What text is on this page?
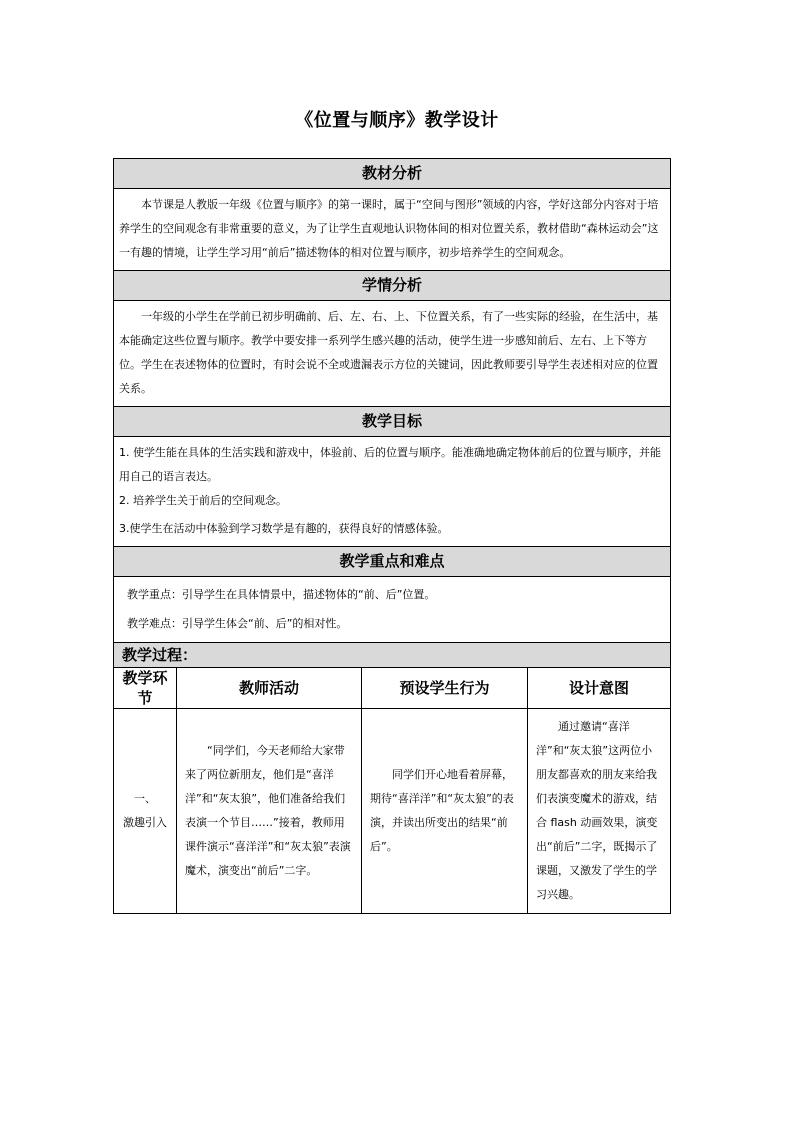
《位置与顺序》教学设计
教材分析			

本节课是人教版一年级《位置与顺序》的第一课时，属于“空间与图形”领域的内容，学好这部分内容对于培养学生的空间观念有非常重要的意义，为了让学生直观地认识物体间的相对位置关系，教材借助“森林运动会”这一有趣的情境，让学生学习用“前后”描述物体的相对位置与顺序，初步培养学生的空间观念。			

学情分析			

一年级的小学生在学前已初步明确前、后、左、右、上、下位置关系，有了一些实际的经验，在生活中，基本能确定这些位置与顺序。教学中要安排一系列学生感兴趣的活动，使学生进一步感知前后、左右、上下等方位。学生在表述物体的位置时，有时会说不全或遗漏表示方位的关键词，因此教师要引导学生表述相对应的位置关系。			

教学目标			

1. 使学生能在具体的生活实践和游戏中，体验前、后的位置与顺序。能准确地确定物体前后的位置与顺序，并能用自己的语言表达。

2. 培养学生关于前后的空间观念。

3.使学生在活动中体验到学习数学是有趣的，获得良好的情感体验。			

教学重点和难点			

教学重点：引导学生在具体情景中，描述物体的“前、后”位置。

教学难点：引导学生体会“前、后”的相对性。			

教学过程：			
教学环节	教师活动	预设学生行为	设计意图

一、
激趣引入	“同学们，今天老师给大家带来了两位新朋友，他们是“喜洋洋”和“灰太狼”，他们准备给我们表演一个节目……”接着，教师用课件演示“喜洋洋”和“灰太狼”表演魔术，演变出“前后”二字。	同学们开心地看着屏幕，期待“喜洋洋”和“灰太狼”的表演，并读出所变出的结果“前后”。	通过邀请“喜洋洋”和“灰太狼”这两位小朋友都喜欢的朋友来给我们表演变魔术的游戏，结合 flash 动画效果，演变出“前后”二字，既揭示了课题，又激发了学生的学习兴趣。
